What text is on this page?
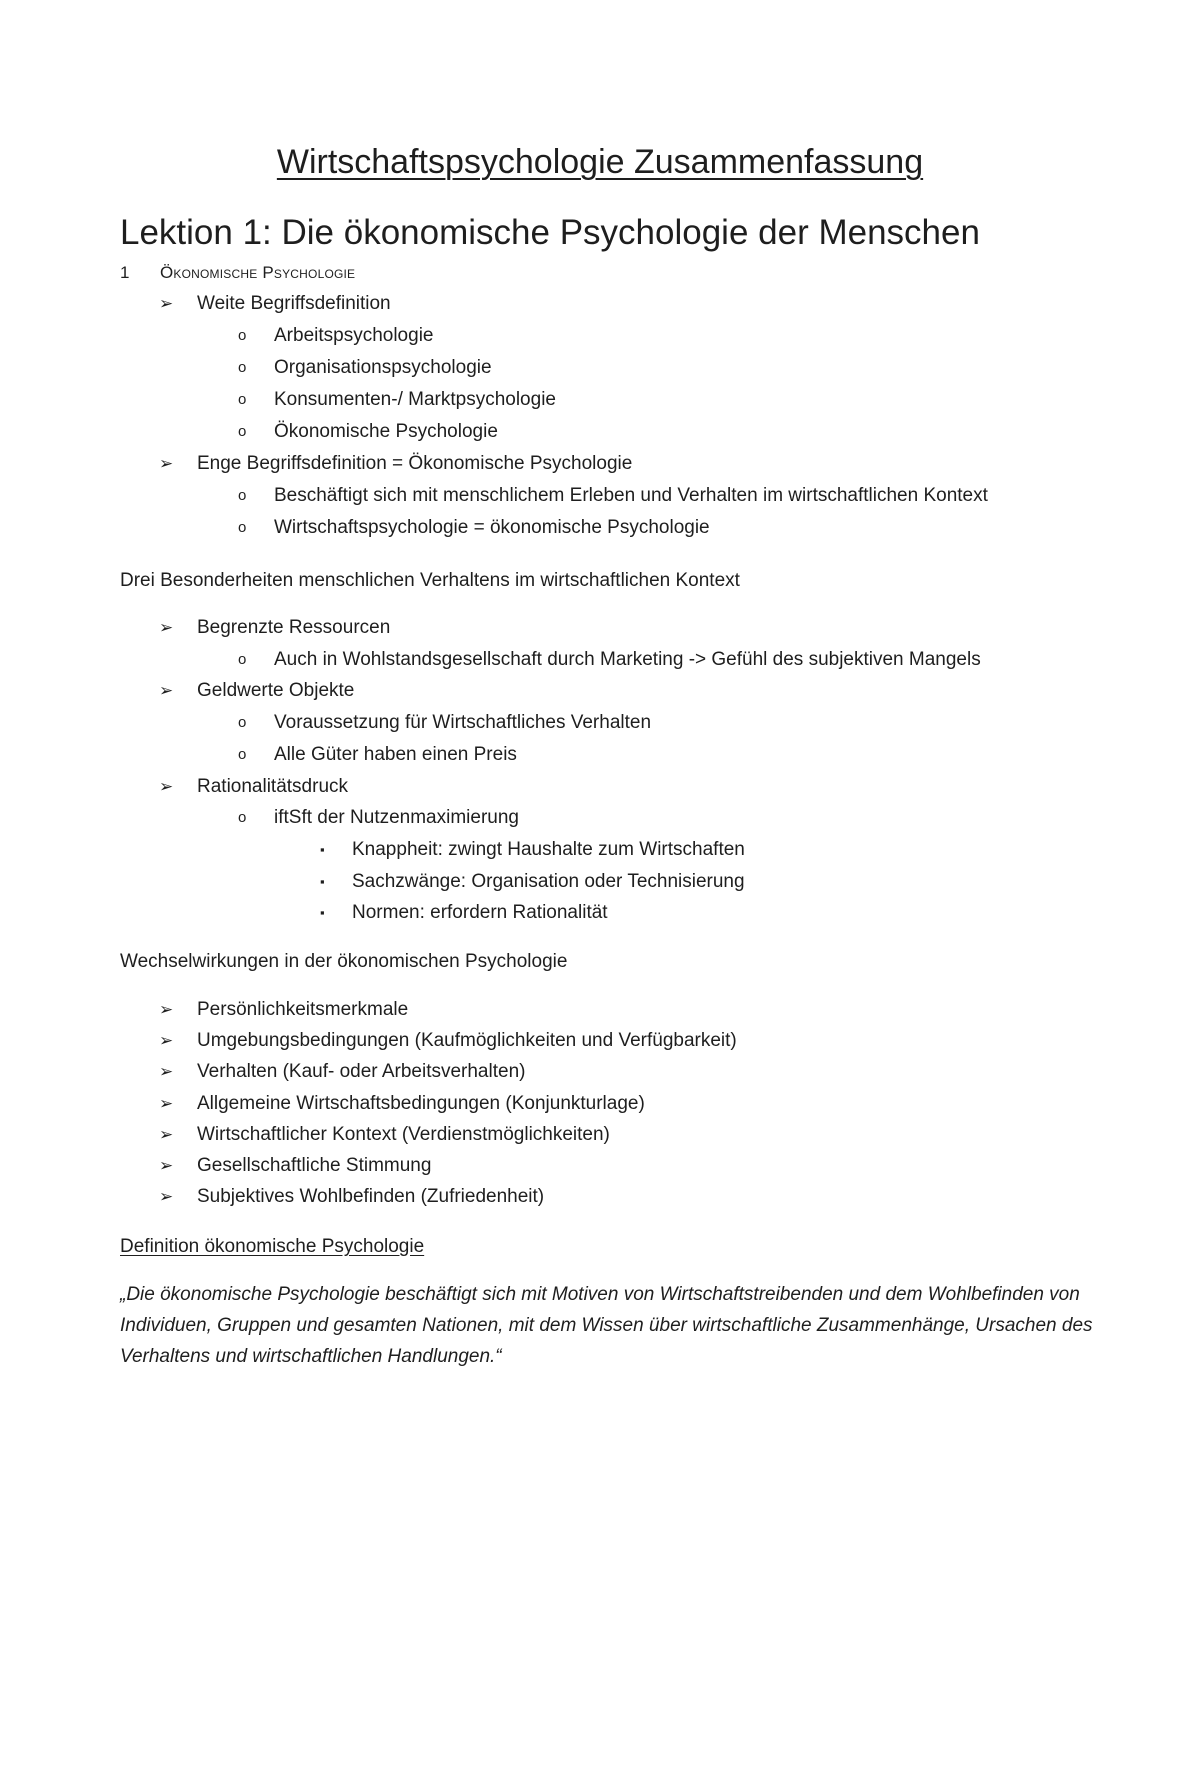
Wirtschaftspsychologie Zusammenfassung
Lektion 1: Die ökonomische Psychologie der Menschen
1 Ökonomische Psychologie
➢ Weite Begriffsdefinition
o Arbeitspsychologie
o Organisationspsychologie
o Konsumenten-/ Marktpsychologie
o Ökonomische Psychologie
➢ Enge Begriffsdefinition = Ökonomische Psychologie
o Beschäftigt sich mit menschlichem Erleben und Verhalten im wirtschaftlichen Kontext
o Wirtschaftspsychologie = ökonomische Psychologie
Drei Besonderheiten menschlichen Verhaltens im wirtschaftlichen Kontext
➢ Begrenzte Ressourcen
o Auch in Wohlstandsgesellschaft durch Marketing -> Gefühl des subjektiven Mangels
➢ Geldwerte Objekte
o Voraussetzung für Wirtschaftliches Verhalten
o Alle Güter haben einen Preis
➢ Rationalitätsdruck
o iftSft der Nutzenmaximierung
▪ Knappheit: zwingt Haushalte zum Wirtschaften
▪ Sachzwänge: Organisation oder Technisierung
▪ Normen: erfordern Rationalität
Wechselwirkungen in der ökonomischen Psychologie
➢ Persönlichkeitsmerkmale
➢ Umgebungsbedingungen (Kaufmöglichkeiten und Verfügbarkeit)
➢ Verhalten (Kauf- oder Arbeitsverhalten)
➢ Allgemeine Wirtschaftsbedingungen (Konjunkturlage)
➢ Wirtschaftlicher Kontext (Verdienstmöglichkeiten)
➢ Gesellschaftliche Stimmung
➢ Subjektives Wohlbefinden (Zufriedenheit)
Definition ökonomische Psychologie
„Die ökonomische Psychologie beschäftigt sich mit Motiven von Wirtschaftstreibenden und dem Wohlbefinden von Individuen, Gruppen und gesamten Nationen, mit dem Wissen über wirtschaftliche Zusammenhänge, Ursachen des Verhaltens und wirtschaftlichen Handlungen.“
